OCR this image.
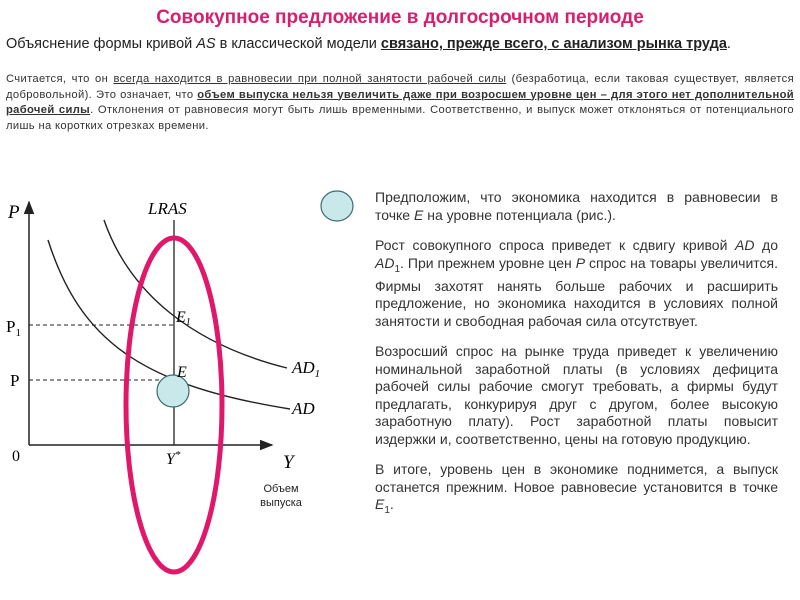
Совокупное предложение в долгосрочном периоде
Объяснение формы кривой AS в классической модели связано, прежде всего, с анализом рынка труда.
Считается, что он всегда находится в равновесии при полной занятости рабочей силы (безработица, если таковая существует, является добровольной). Это означает, что объем выпуска нельзя увеличить даже при возросшем уровне цен – для этого нет дополнительной рабочей силы. Отклонения от равновесия могут быть лишь временными. Соответственно, и выпуск может отклоняться от потенциального лишь на коротких отрезках времени.
P
Y
0
LRAS
$P_1$
P
E1
E	$AD_1$
AD
Y*
Объем
выпуска

Предположим, что экономика находится в равновесии в точке E на уровне потенциала (рис.).

Рост совокупного спроса приведет к сдвигу кривой AD до $AD_1$. При прежнем уровне цен P спрос на товары увеличится. Фирмы захотят нанять больше рабочих и расширить предложение, но экономика находится в условиях полной занятости и свободная рабочая сила отсутствует.

Возросший спрос на рынке труда приведет к увеличению номинальной заработной платы (в условиях дефицита рабочей силы рабочие смогут требовать, а фирмы будут предлагать, конкурируя друг с другом, более высокую заработную плату). Рост заработной платы повысит издержки и, соответственно, цены на готовую продукцию.

В итоге, уровень цен в экономике поднимется, а выпуск останется прежним. Новое равновесие установится в точке $E_1$.
